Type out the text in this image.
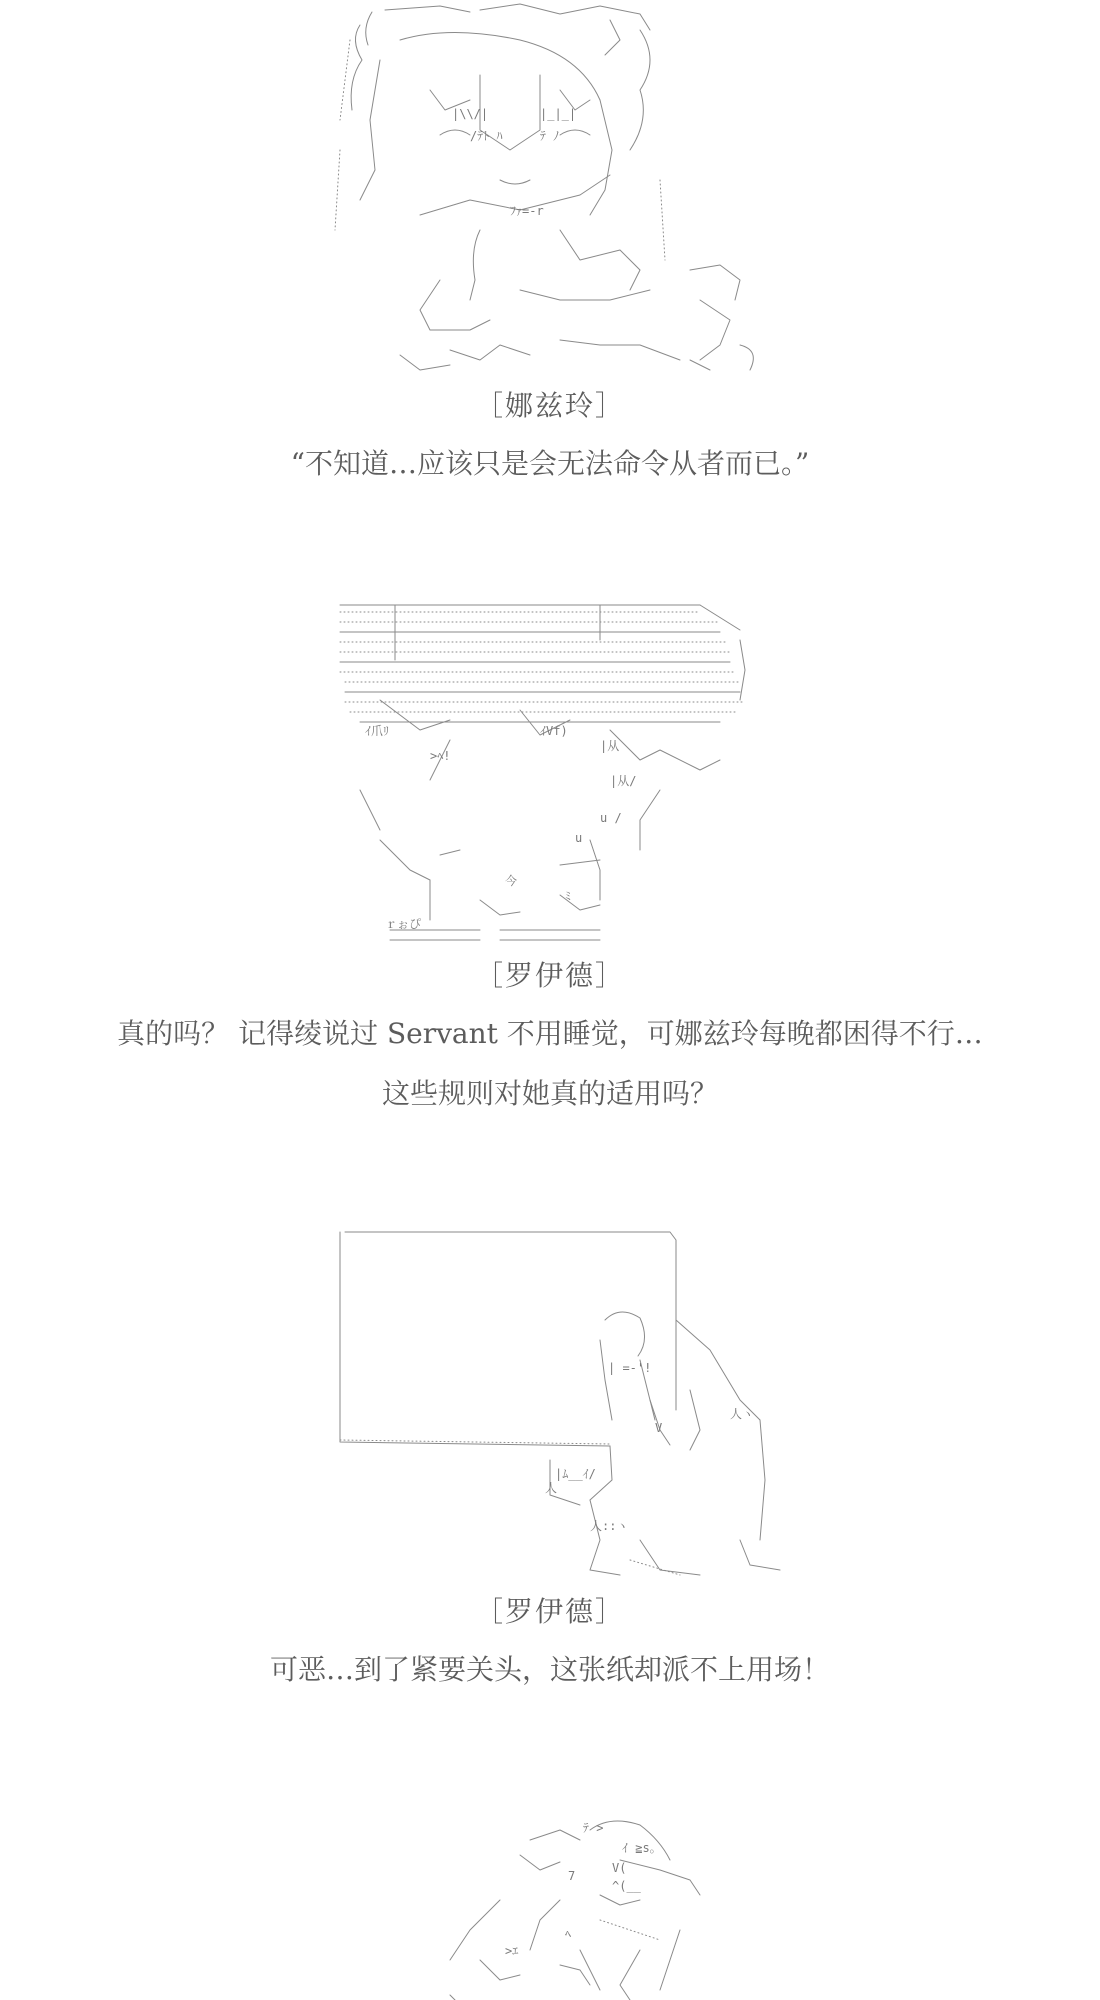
|\\/|	|_|_|
/ﾃﾄ ﾊ	ﾃ ﾉ
ﾌｧ=-r
ｲ爪ﾘ	ｲVf)
|从
>ﾍ!
|从/
u /
u
今
ｒぉぴ
ﾐ
| =-'!
|ﾑ__ｲ/
人
人::ヽ
人ヽ
V
ﾃ >
ｲ ≧s。
7
V(
^(__
>ｴ
ﾍ
［娜兹玲］
“不知道…应该只是会无法命令从者而已。”
［罗伊德］
真的吗？ 记得绫说过 Servant 不用睡觉，可娜兹玲每晚都困得不行…
这些规则对她真的适用吗？
［罗伊德］
可恶…到了紧要关头，这张纸却派不上用场！
